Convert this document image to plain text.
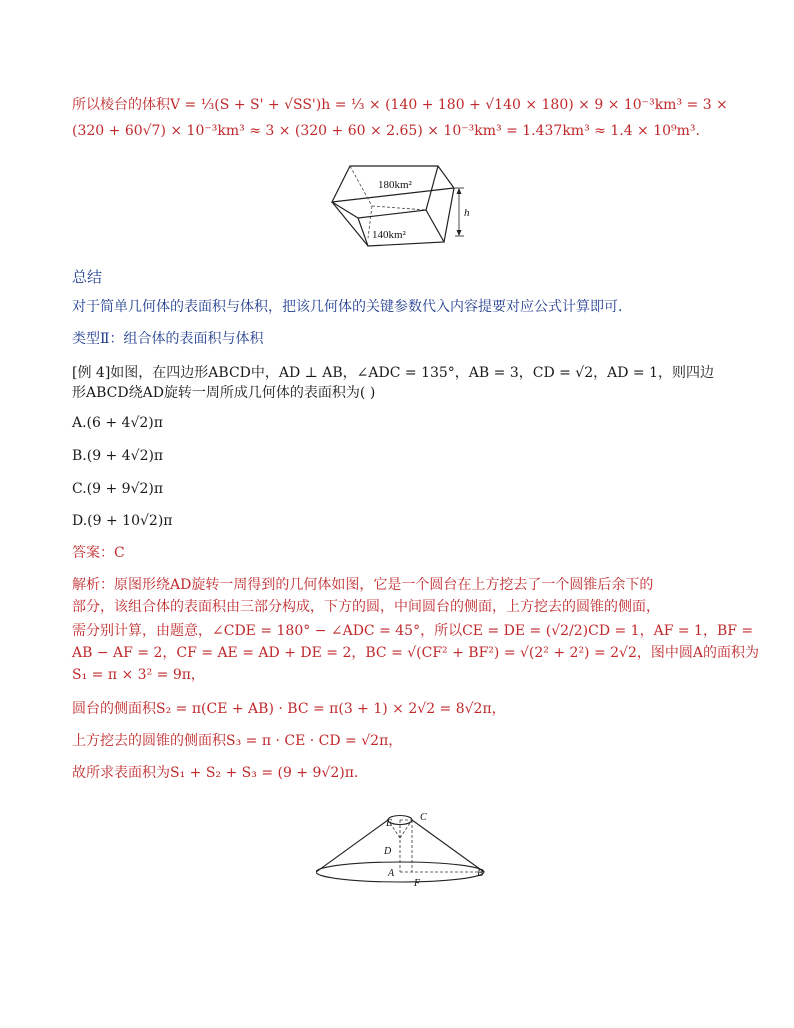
所以棱台的体积V = ⅓(S + S' + √SS')h = ⅓ × (140 + 180 + √140 × 180) × 9 × 10⁻³km³ = 3 ×
(320 + 60√7) × 10⁻³km³ ≈ 3 × (320 + 60 × 2.65) × 10⁻³km³ = 1.437km³ ≈ 1.4 × 10⁹m³.
180km²
140km²
h
总结
对于简单几何体的表面积与体积，把该几何体的关键参数代入内容提要对应公式计算即可.
类型Ⅱ：组合体的表面积与体积
[例 4]如图，在四边形ABCD中，AD ⊥ AB，∠ADC = 135°，AB = 3，CD = √2，AD = 1，则四边
形ABCD绕AD旋转一周所成几何体的表面积为( )
A.(6 + 4√2)π
B.(9 + 4√2)π
C.(9 + 9√2)π
D.(9 + 10√2)π
答案：C
解析：原图形绕AD旋转一周得到的几何体如图，它是一个圆台在上方挖去了一个圆锥后余下的
部分，该组合体的表面积由三部分构成，下方的圆，中间圆台的侧面，上方挖去的圆锥的侧面，
需分别计算，由题意，∠CDE = 180° − ∠ADC = 45°，所以CE = DE = (√2/2)CD = 1，AF = 1，BF =
AB − AF = 2，CF = AE = AD + DE = 2，BC = √(CF² + BF²) = √(2² + 2²) = 2√2，图中圆A的面积为
S₁ = π × 3² = 9π，
圆台的侧面积S₂ = π(CE + AB) · BC = π(3 + 1) × 2√2 = 8√2π，
上方挖去的圆锥的侧面积S₃ = π · CE · CD = √2π，
故所求表面积为S₁ + S₂ + S₃ = (9 + 9√2)π.
E
C
D
A
F
B
